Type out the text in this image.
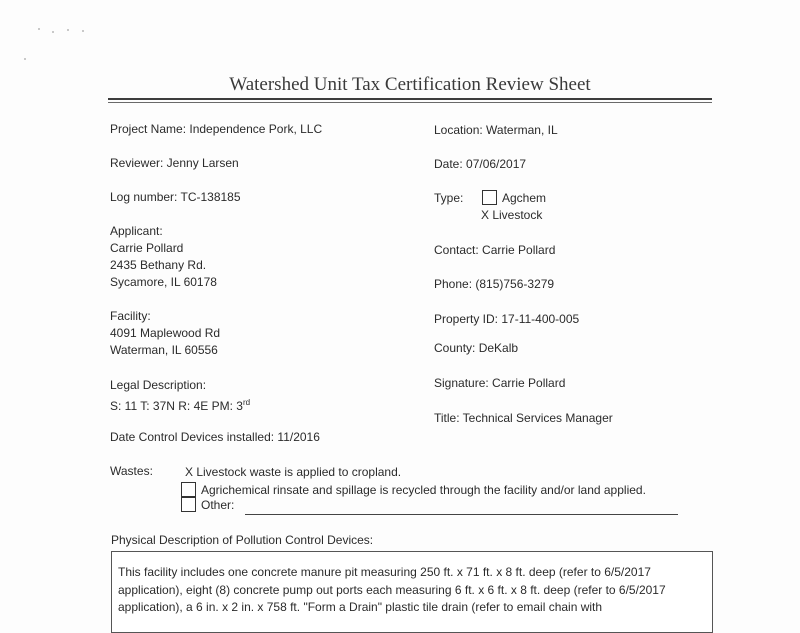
Watershed Unit Tax Certification Review Sheet
Project Name: Independence Pork, LLC
Reviewer: Jenny Larsen
Log number: TC-138185
Applicant:
Carrie Pollard
2435 Bethany Rd.
Sycamore, IL 60178
Facility:
4091 Maplewood Rd
Waterman, IL 60556
Legal Description:
S: 11 T: 37N R: 4E PM: 3rd
Date Control Devices installed: 11/2016
Location: Waterman, IL
Date: 07/06/2017
Type:	Agchem
X Livestock
Contact: Carrie Pollard
Phone: (815)756-3279
Property ID: 17-11-400-005
County: DeKalb
Signature: Carrie Pollard
Title: Technical Services Manager
Wastes:	X Livestock waste is applied to cropland.
Agrichemical rinsate and spillage is recycled through the facility and/or land applied.
Other:
Physical Description of Pollution Control Devices:
This facility includes one concrete manure pit measuring 250 ft. x 71 ft. x 8 ft. deep (refer to 6/5/2017 application), eight (8) concrete pump out ports each measuring 6 ft. x 6 ft. x 8 ft. deep (refer to 6/5/2017 application), a 6 in. x 2 in. x 758 ft. "Form a Drain" plastic tile drain (refer to email chain with
